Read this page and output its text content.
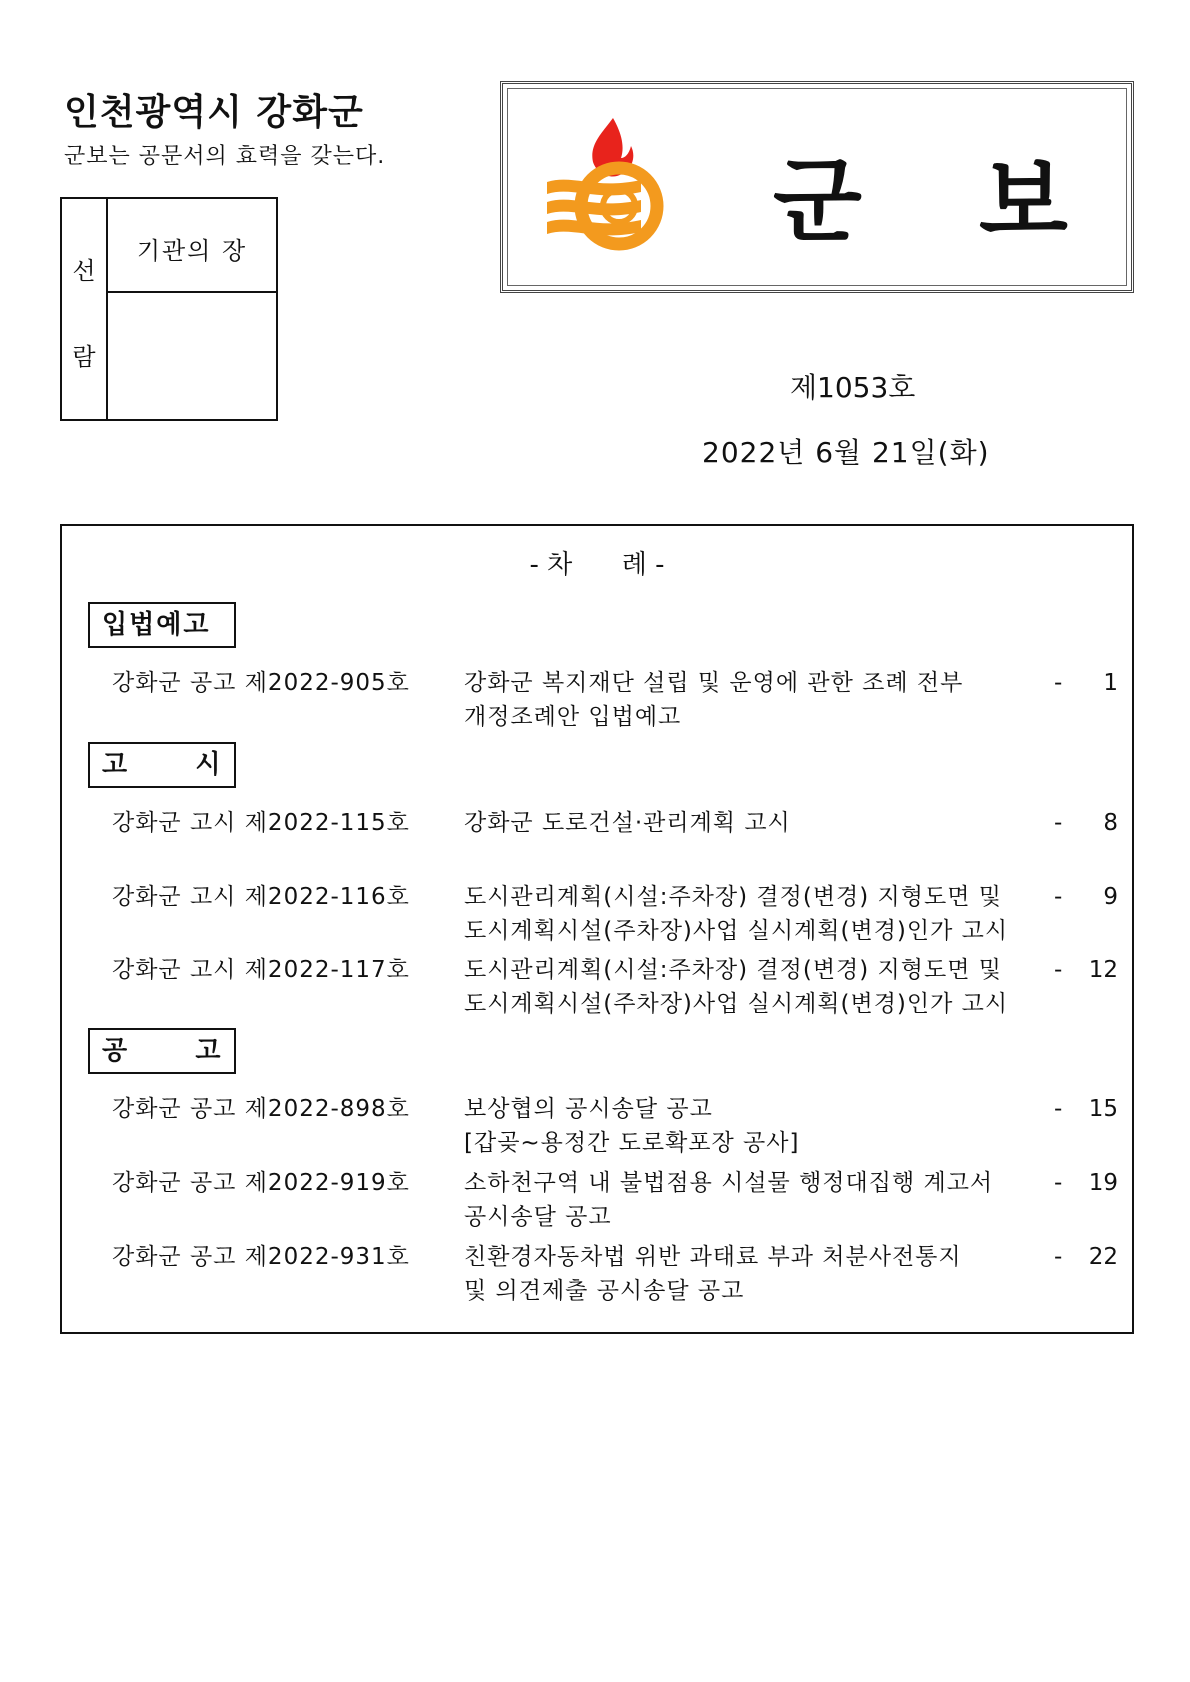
인천광역시 강화군
군보는 공문서의 효력을 갖는다.
선
람
기관의 장	군 보
제1053호
2022년 6월 21일(화)
- 차      례 -
입법예고
강화군 공고 제2022-905호 강화군 복지재단 설립 및 운영에 관한 조례 전부
개정조례안 입법예고
- 1
고      시
강화군 고시 제2022-115호 강화군 도로건설·관리계획 고시	- 8
강화군 고시 제2022-116호 도시관리계획(시설:주차장) 결정(변경) 지형도면 및
도시계획시설(주차장)사업 실시계획(변경)인가 고시
- 9
강화군 고시 제2022-117호 도시관리계획(시설:주차장) 결정(변경) 지형도면 및
도시계획시설(주차장)사업 실시계획(변경)인가 고시
- 12
공      고
강화군 공고 제2022-898호 보상협의 공시송달 공고
[갑곶~용정간 도로확포장 공사]
- 15
강화군 공고 제2022-919호 소하천구역 내 불법점용 시설물 행정대집행 계고서
공시송달 공고
- 19
강화군 공고 제2022-931호 친환경자동차법 위반 과태료 부과 처분사전통지
및 의견제출 공시송달 공고
- 22
